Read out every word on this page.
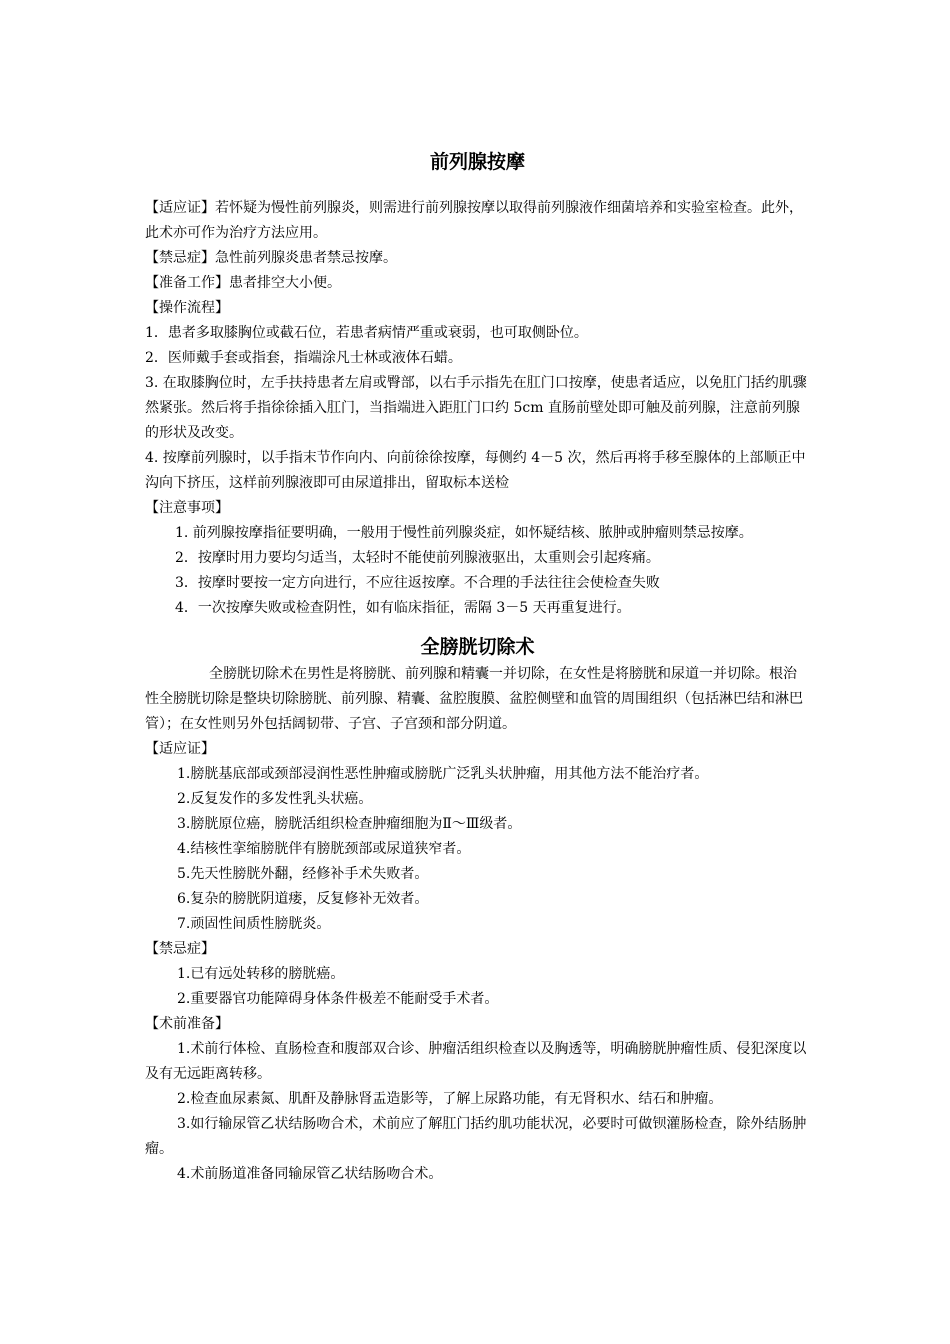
前列腺按摩

【适应证】若怀疑为慢性前列腺炎，则需进行前列腺按摩以取得前列腺液作细菌培养和实验室检查。此外，此术亦可作为治疗方法应用。

【禁忌症】急性前列腺炎患者禁忌按摩。

【准备工作】患者排空大小便。

【操作流程】

1．患者多取膝胸位或截石位，若患者病情严重或衰弱，也可取侧卧位。

2．医师戴手套或指套，指端涂凡士林或液体石蜡。

3. 在取膝胸位时，左手扶持患者左肩或臀部，以右手示指先在肛门口按摩，使患者适应，以免肛门括约肌骤然紧张。然后将手指徐徐插入肛门，当指端进入距肛门口约 5cm 直肠前壁处即可触及前列腺，注意前列腺的形状及改变。

4. 按摩前列腺时，以手指末节作向内、向前徐徐按摩，每侧约 4－5 次，然后再将手移至腺体的上部顺正中沟向下挤压，这样前列腺液即可由尿道排出，留取标本送检

【注意事项】

1. 前列腺按摩指征要明确，一般用于慢性前列腺炎症，如怀疑结核、脓肿或肿瘤则禁忌按摩。

2．按摩时用力要均匀适当，太轻时不能使前列腺液驱出，太重则会引起疼痛。

3．按摩时要按一定方向进行，不应往返按摩。不合理的手法往往会使检查失败

4．一次按摩失败或检查阴性，如有临床指征，需隔 3－5 天再重复进行。

全膀胱切除术

全膀胱切除术在男性是将膀胱、前列腺和精囊一并切除，在女性是将膀胱和尿道一并切除。根治性全膀胱切除是整块切除膀胱、前列腺、精囊、盆腔腹膜、盆腔侧壁和血管的周围组织（包括淋巴结和淋巴管）；在女性则另外包括阔韧带、子宫、子宫颈和部分阴道。

【适应证】

1.膀胱基底部或颈部浸润性恶性肿瘤或膀胱广泛乳头状肿瘤，用其他方法不能治疗者。

2.反复发作的多发性乳头状癌。

3.膀胱原位癌，膀胱活组织检查肿瘤细胞为Ⅱ～Ⅲ级者。

4.结核性挛缩膀胱伴有膀胱颈部或尿道狭窄者。

5.先天性膀胱外翻，经修补手术失败者。

6.复杂的膀胱阴道瘘，反复修补无效者。

7.顽固性间质性膀胱炎。

【禁忌症】

1.已有远处转移的膀胱癌。

2.重要器官功能障碍身体条件极差不能耐受手术者。

【术前准备】

1.术前行体检、直肠检查和腹部双合诊、肿瘤活组织检查以及胸透等，明确膀胱肿瘤性质、侵犯深度以及有无远距离转移。

2.检查血尿素氮、肌酐及静脉肾盂造影等，了解上尿路功能，有无肾积水、结石和肿瘤。

3.如行输尿管乙状结肠吻合术，术前应了解肛门括约肌功能状况，必要时可做钡灌肠检查，除外结肠肿瘤。

4.术前肠道准备同输尿管乙状结肠吻合术。
